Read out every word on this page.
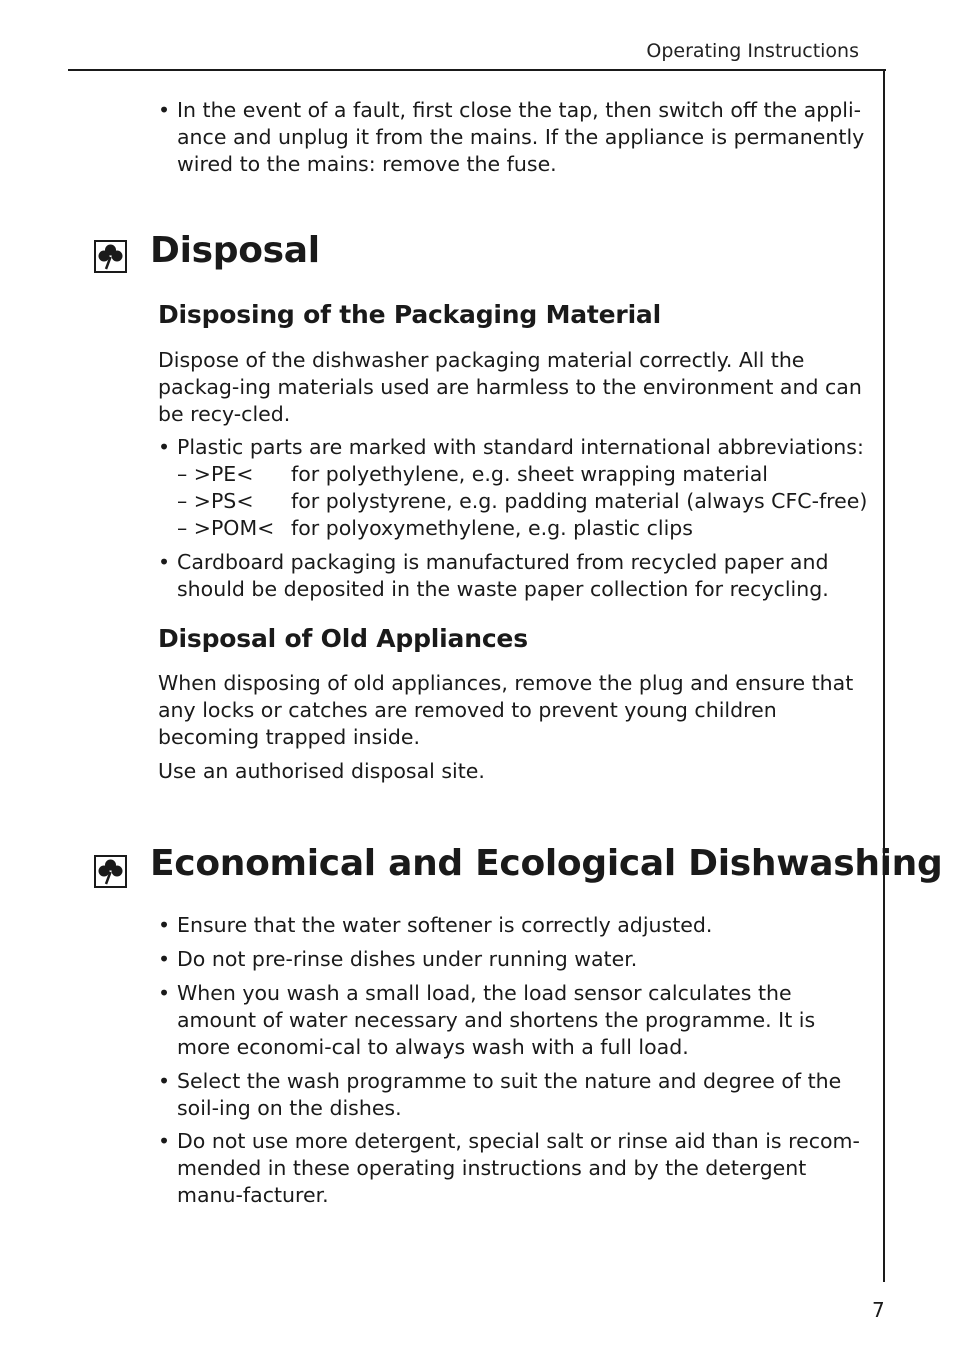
Operating Instructions
• In the event of a fault, first close the tap, then switch off the appli-ance and unplug it from the mains. If the appliance is permanently wired to the mains: remove the fuse.
Disposal
Disposing of the Packaging Material
Dispose of the dishwasher packaging material correctly. All the packag-ing materials used are harmless to the environment and can be recy-cled.
• Plastic parts are marked with standard international abbreviations:
– >PE< for polyethylene, e.g. sheet wrapping material
– >PS< for polystyrene, e.g. padding material (always CFC-free)
– >POM< for polyoxymethylene, e.g. plastic clips
• Cardboard packaging is manufactured from recycled paper and should be deposited in the waste paper collection for recycling.
Disposal of Old Appliances
When disposing of old appliances, remove the plug and ensure that any locks or catches are removed to prevent young children becoming trapped inside.
Use an authorised disposal site.
Economical and Ecological Dishwashing
• Ensure that the water softener is correctly adjusted.
• Do not pre-rinse dishes under running water.
• When you wash a small load, the load sensor calculates the amount of water necessary and shortens the programme. It is more economi-cal to always wash with a full load.
• Select the wash programme to suit the nature and degree of the soil-ing on the dishes.
• Do not use more detergent, special salt or rinse aid than is recom-mended in these operating instructions and by the detergent manu-facturer.
7
